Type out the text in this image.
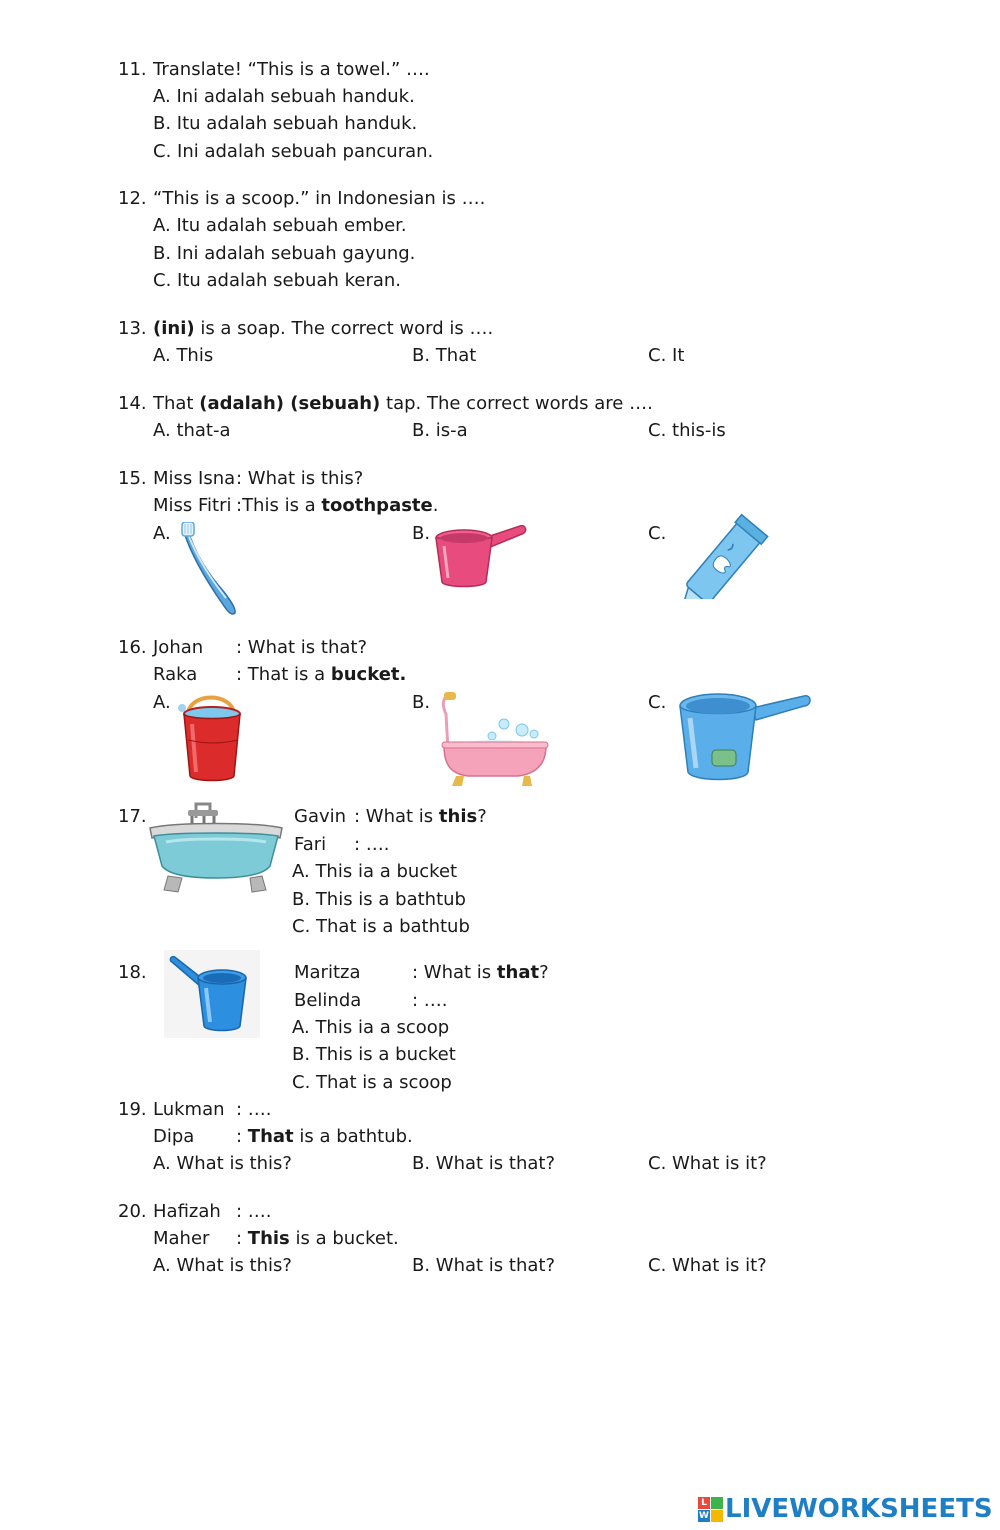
11. Translate! “This is a towel.” ….
A. Ini adalah sebuah handuk.
B. Itu adalah sebuah handuk.
C. Ini adalah sebuah pancuran.
12. “This is a scoop.” in Indonesian is ….
A. Itu adalah sebuah ember.
B. Ini adalah sebuah gayung.
C. Itu adalah sebuah keran.
13. (ini) is a soap. The correct word is ….
A. This	B. That	C. It
14. That (adalah) (sebuah) tap. The correct words are ….
A. that-a	B. is-a	C. this-is
15. Miss Isna : What is this?
Miss Fitri :This is a toothpaste.
A.	B.	C.
16. Johan : What is that?
Raka : That is a bucket.
A.	B.	C.
17.	Gavin : What is this?
Fari : ….
A. This ia a bucket
B. This is a bathtub
C. That is a bathtub
18.	Maritza	: What is that?
Belinda	: ….
A. This ia a scoop
B. This is a bucket
C. That is a scoop
19. Lukman : ….
Dipa : That is a bathtub.
A. What is this?	B. What is that?	C. What is it?
20. Hafizah : ….
Maher : This is a bucket.
A. What is this?	B. What is that?	C. What is it?
L
W LIVEWORKSHEETS
